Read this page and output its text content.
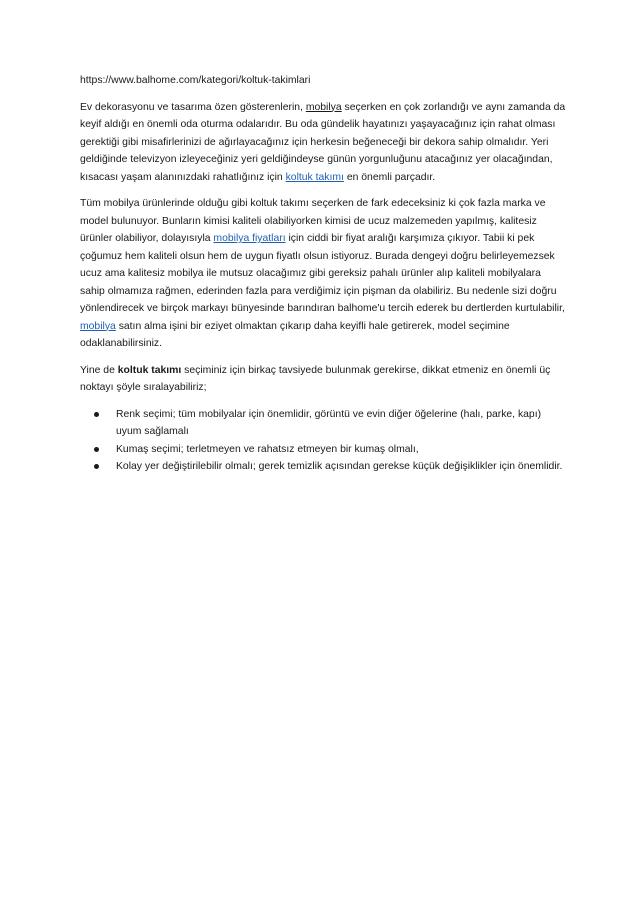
https://www.balhome.com/kategori/koltuk-takimlari

Ev dekorasyonu ve tasarıma özen gösterenlerin, mobilya seçerken en çok zorlandığı ve aynı zamanda da keyif aldığı en önemli oda oturma odalarıdır. Bu oda gündelik hayatınızı yaşayacağınız için rahat olması gerektiği gibi misafirlerinizi de ağırlayacağınız için herkesin beğeneceği bir dekora sahip olmalıdır. Yeri geldiğinde televizyon izleyeceğiniz yeri geldiğindeyse günün yorgunluğunu atacağınız yer olacağından, kısacası yaşam alanınızdaki rahatlığınız için koltuk takımı en önemli parçadır.

Tüm mobilya ürünlerinde olduğu gibi koltuk takımı seçerken de fark edeceksiniz ki çok fazla marka ve model bulunuyor. Bunların kimisi kaliteli olabiliyorken kimisi de ucuz malzemeden yapılmış, kalitesiz ürünler olabiliyor, dolayısıyla mobilya fiyatları için ciddi bir fiyat aralığı karşımıza çıkıyor. Tabii ki pek çoğumuz hem kaliteli olsun hem de uygun fiyatlı olsun istiyoruz. Burada dengeyi doğru belirleyemezsek ucuz ama kalitesiz mobilya ile mutsuz olacağımız gibi gereksiz pahalı ürünler alıp kaliteli mobilyalara sahip olmamıza rağmen, ederinden fazla para verdiğimiz için pişman da olabiliriz. Bu nedenle sizi doğru yönlendirecek ve birçok markayı bünyesinde barındıran balhome'u tercih ederek bu dertlerden kurtulabilir, mobilya satın alma işini bir eziyet olmaktan çıkarıp daha keyifli hale getirerek, model seçimine odaklanabilirsiniz.

Yine de koltuk takımı seçiminiz için birkaç tavsiyede bulunmak gerekirse, dikkat etmeniz en önemli üç noktayı şöyle sıralayabiliriz;

Renk seçimi; tüm mobilyalar için önemlidir, görüntü ve evin diğer öğelerine (halı, parke, kapı) uyum sağlamalı
Kumaş seçimi; terletmeyen ve rahatsız etmeyen bir kumaş olmalı,
Kolay yer değiştirilebilir olmalı; gerek temizlik açısından gerekse küçük değişiklikler için önemlidir.
